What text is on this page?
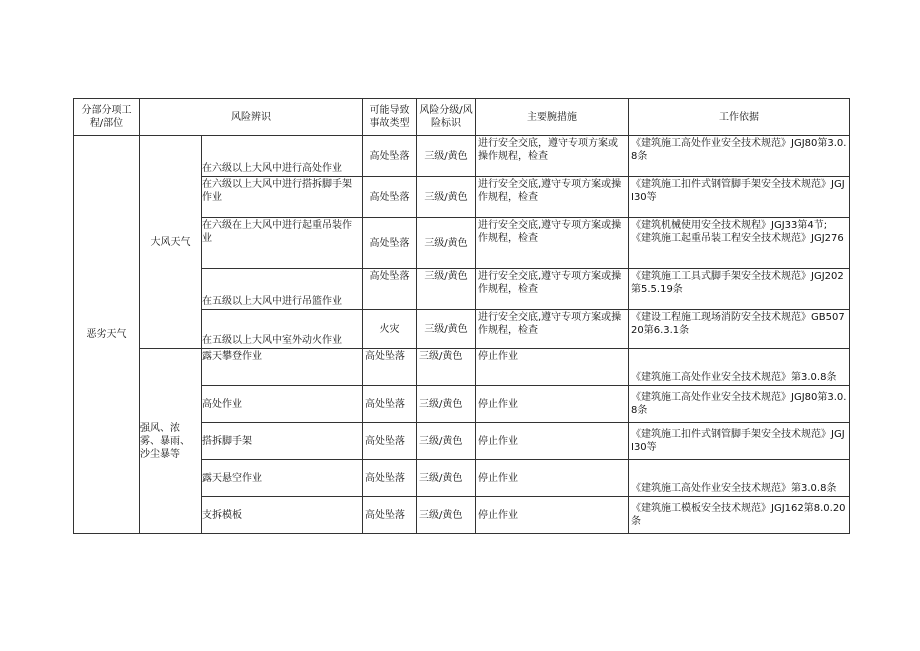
分部分项工程/部位	风险辨识		可能导致事故类型	风险分级/风险标识	主要腕措施	工作依据
恶劣天气	大风天气	在六级以上大风中进行高处作业	高处坠落	三级/黄色	进行安全交底，遵守专项方案或操作规程，检查	《建筑施工高处作业安全技术规范》JGJ80第3.0.8条
		在六级以上大风中进行搭拆脚手架作业	高处坠落	三级/黄色	进行安全交底,遵守专项方案或操作规程，检查	《建筑施工扣件式钢管脚手架安全技术规范》JGJI30等
		在六级在上大风中进行起重吊装作业	高处坠落	三级/黄色	进行安全交底,遵守专项方案或操作规程，检查	《建筑机械使用安全技术规程》JGJ33第4节;《建筑施工起重吊装工程安全技术规范》JGJ276
		在五级以上大风中进行吊篮作业	高处坠落	三级/黄色	进行安全交底,遵守专项方案或操作规程，检查	《建筑施工工具式脚手架安全技术规范》JGJ202第5.5.19条
		在五级以上大风中室外动火作业	火灾	三级/黄色	进行安全交底,遵守专项方案或操作规程，检查	《建设工程施工现场消防安全技术规范》GB50720第6.3.1条
	强风、浓雾、暴雨、沙尘暴等	露天攀登作业	高处坠落	三级/黄色	停止作业	《建筑施工高处作业安全技术规范》第3.0.8条
		高处作业	高处坠落	三级/黄色	停止作业	《建筑施工高处作业安全技术规范》JGJ80第3.0.8条
		搭拆脚手架	高处坠落	三级/黄色	停止作业	《建筑施工扣件式钢管脚手架安全技术规范》JGJI30等
		露天悬空作业	高处坠落	三级/黄色	停止作业	《建筑施工高处作业安全技术规范》第3.0.8条
		支拆模板	高处坠落	三级/黄色	停止作业	《建筑施工模板安全技术规范》JGJ162第8.0.20条
